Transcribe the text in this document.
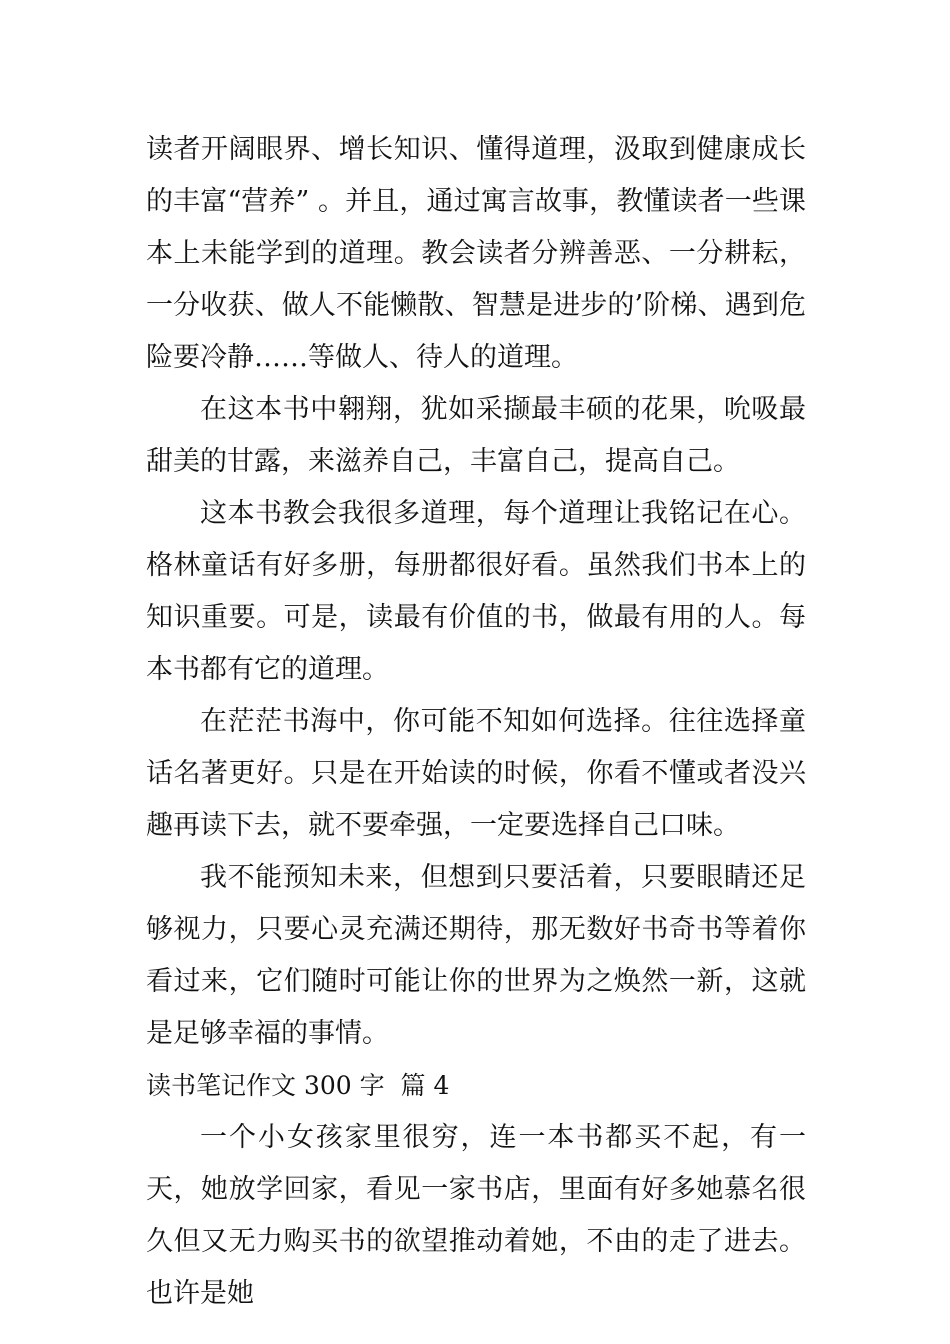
读者开阔眼界、增长知识、懂得道理，汲取到健康成长的丰富“营养” 。并且，通过寓言故事，教懂读者一些课本上未能学到的道理。教会读者分辨善恶、一分耕耘，一分收获、做人不能懒散、智慧是进步的’阶梯、遇到危险要冷静……等做人、待人的道理。

在这本书中翱翔，犹如采撷最丰硕的花果，吮吸最甜美的甘露，来滋养自己，丰富自己，提高自己。

这本书教会我很多道理，每个道理让我铭记在心。格林童话有好多册，每册都很好看。虽然我们书本上的知识重要。可是，读最有价值的书，做最有用的人。每本书都有它的道理。

在茫茫书海中，你可能不知如何选择。往往选择童话名著更好。只是在开始读的时候，你看不懂或者没兴趣再读下去，就不要牵强，一定要选择自己口味。

我不能预知未来，但想到只要活着，只要眼睛还足够视力，只要心灵充满还期待，那无数好书奇书等着你看过来，它们随时可能让你的世界为之焕然一新，这就是足够幸福的事情。

读书笔记作文 300 字  篇 4

一个小女孩家里很穷，连一本书都买不起，有一天，她放学回家，看见一家书店，里面有好多她慕名很久但又无力购买书的欲望推动着她，不由的走了进去。也许是她
